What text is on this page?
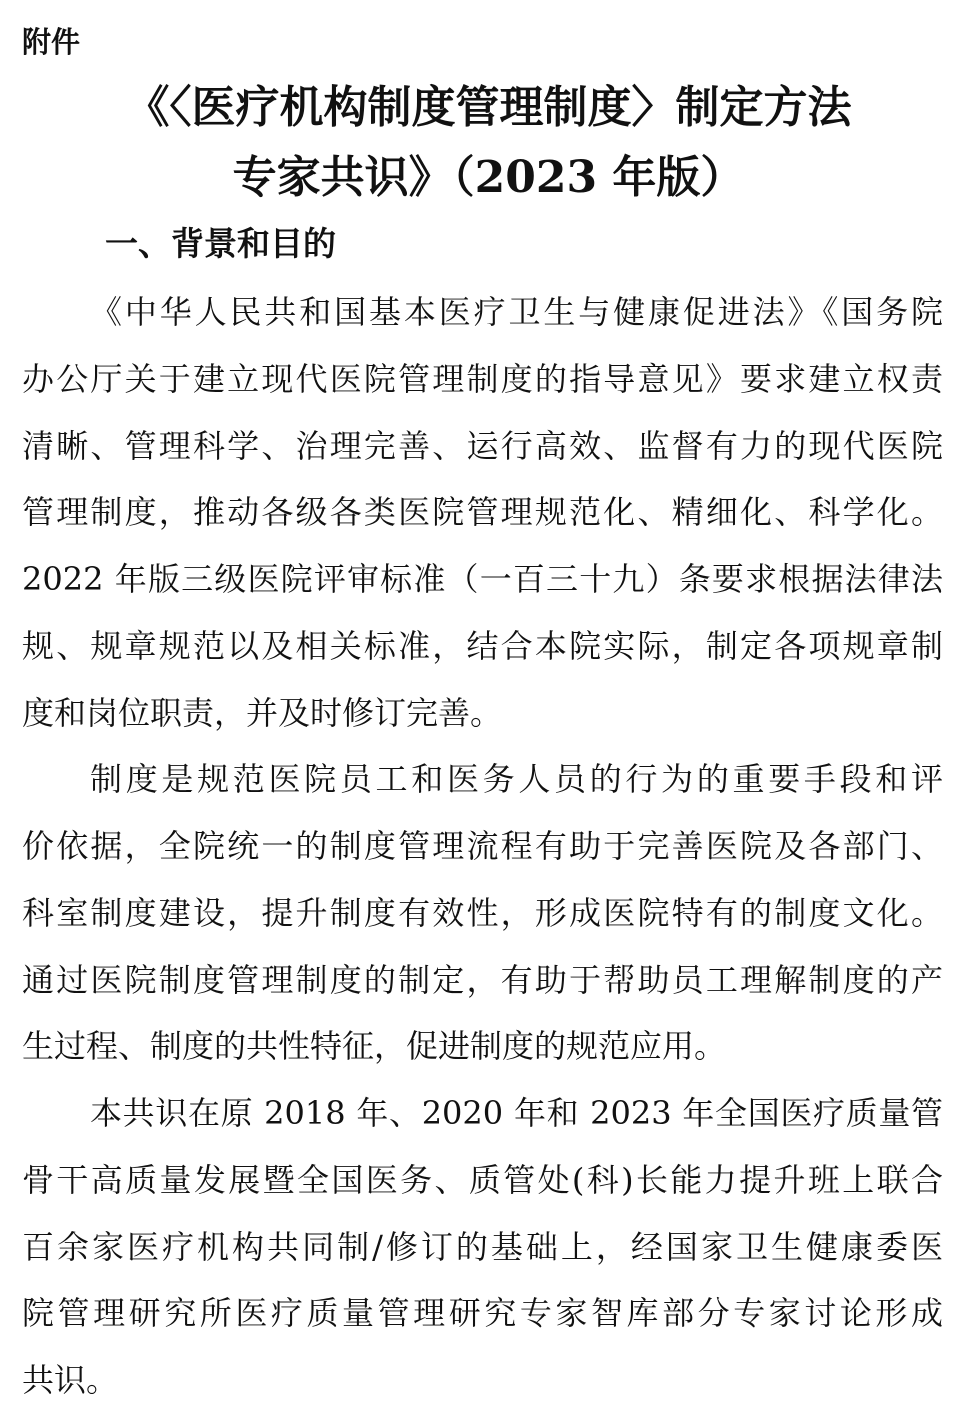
附件
《〈医疗机构制度管理制度〉制定方法
专家共识》（2023 年版）
一、背景和目的
《中华人民共和国基本医疗卫生与健康促进法》《国务院
办公厅关于建立现代医院管理制度的指导意见》要求建立权责
清晰、管理科学、治理完善、运行高效、监督有力的现代医院
管理制度，推动各级各类医院管理规范化、精细化、科学化。
2022 年版三级医院评审标准（一百三十九）条要求根据法律法
规、规章规范以及相关标准，结合本院实际，制定各项规章制
度和岗位职责，并及时修订完善。
制度是规范医院员工和医务人员的行为的重要手段和评
价依据，全院统一的制度管理流程有助于完善医院及各部门、
科室制度建设，提升制度有效性，形成医院特有的制度文化。
通过医院制度管理制度的制定，有助于帮助员工理解制度的产
生过程、制度的共性特征，促进制度的规范应用。
本共识在原 2018 年、2020 年和 2023 年全国医疗质量管
骨干高质量发展暨全国医务、质管处(科)长能力提升班上联合
百余家医疗机构共同制/修订的基础上，经国家卫生健康委医
院管理研究所医疗质量管理研究专家智库部分专家讨论形成
共识。
